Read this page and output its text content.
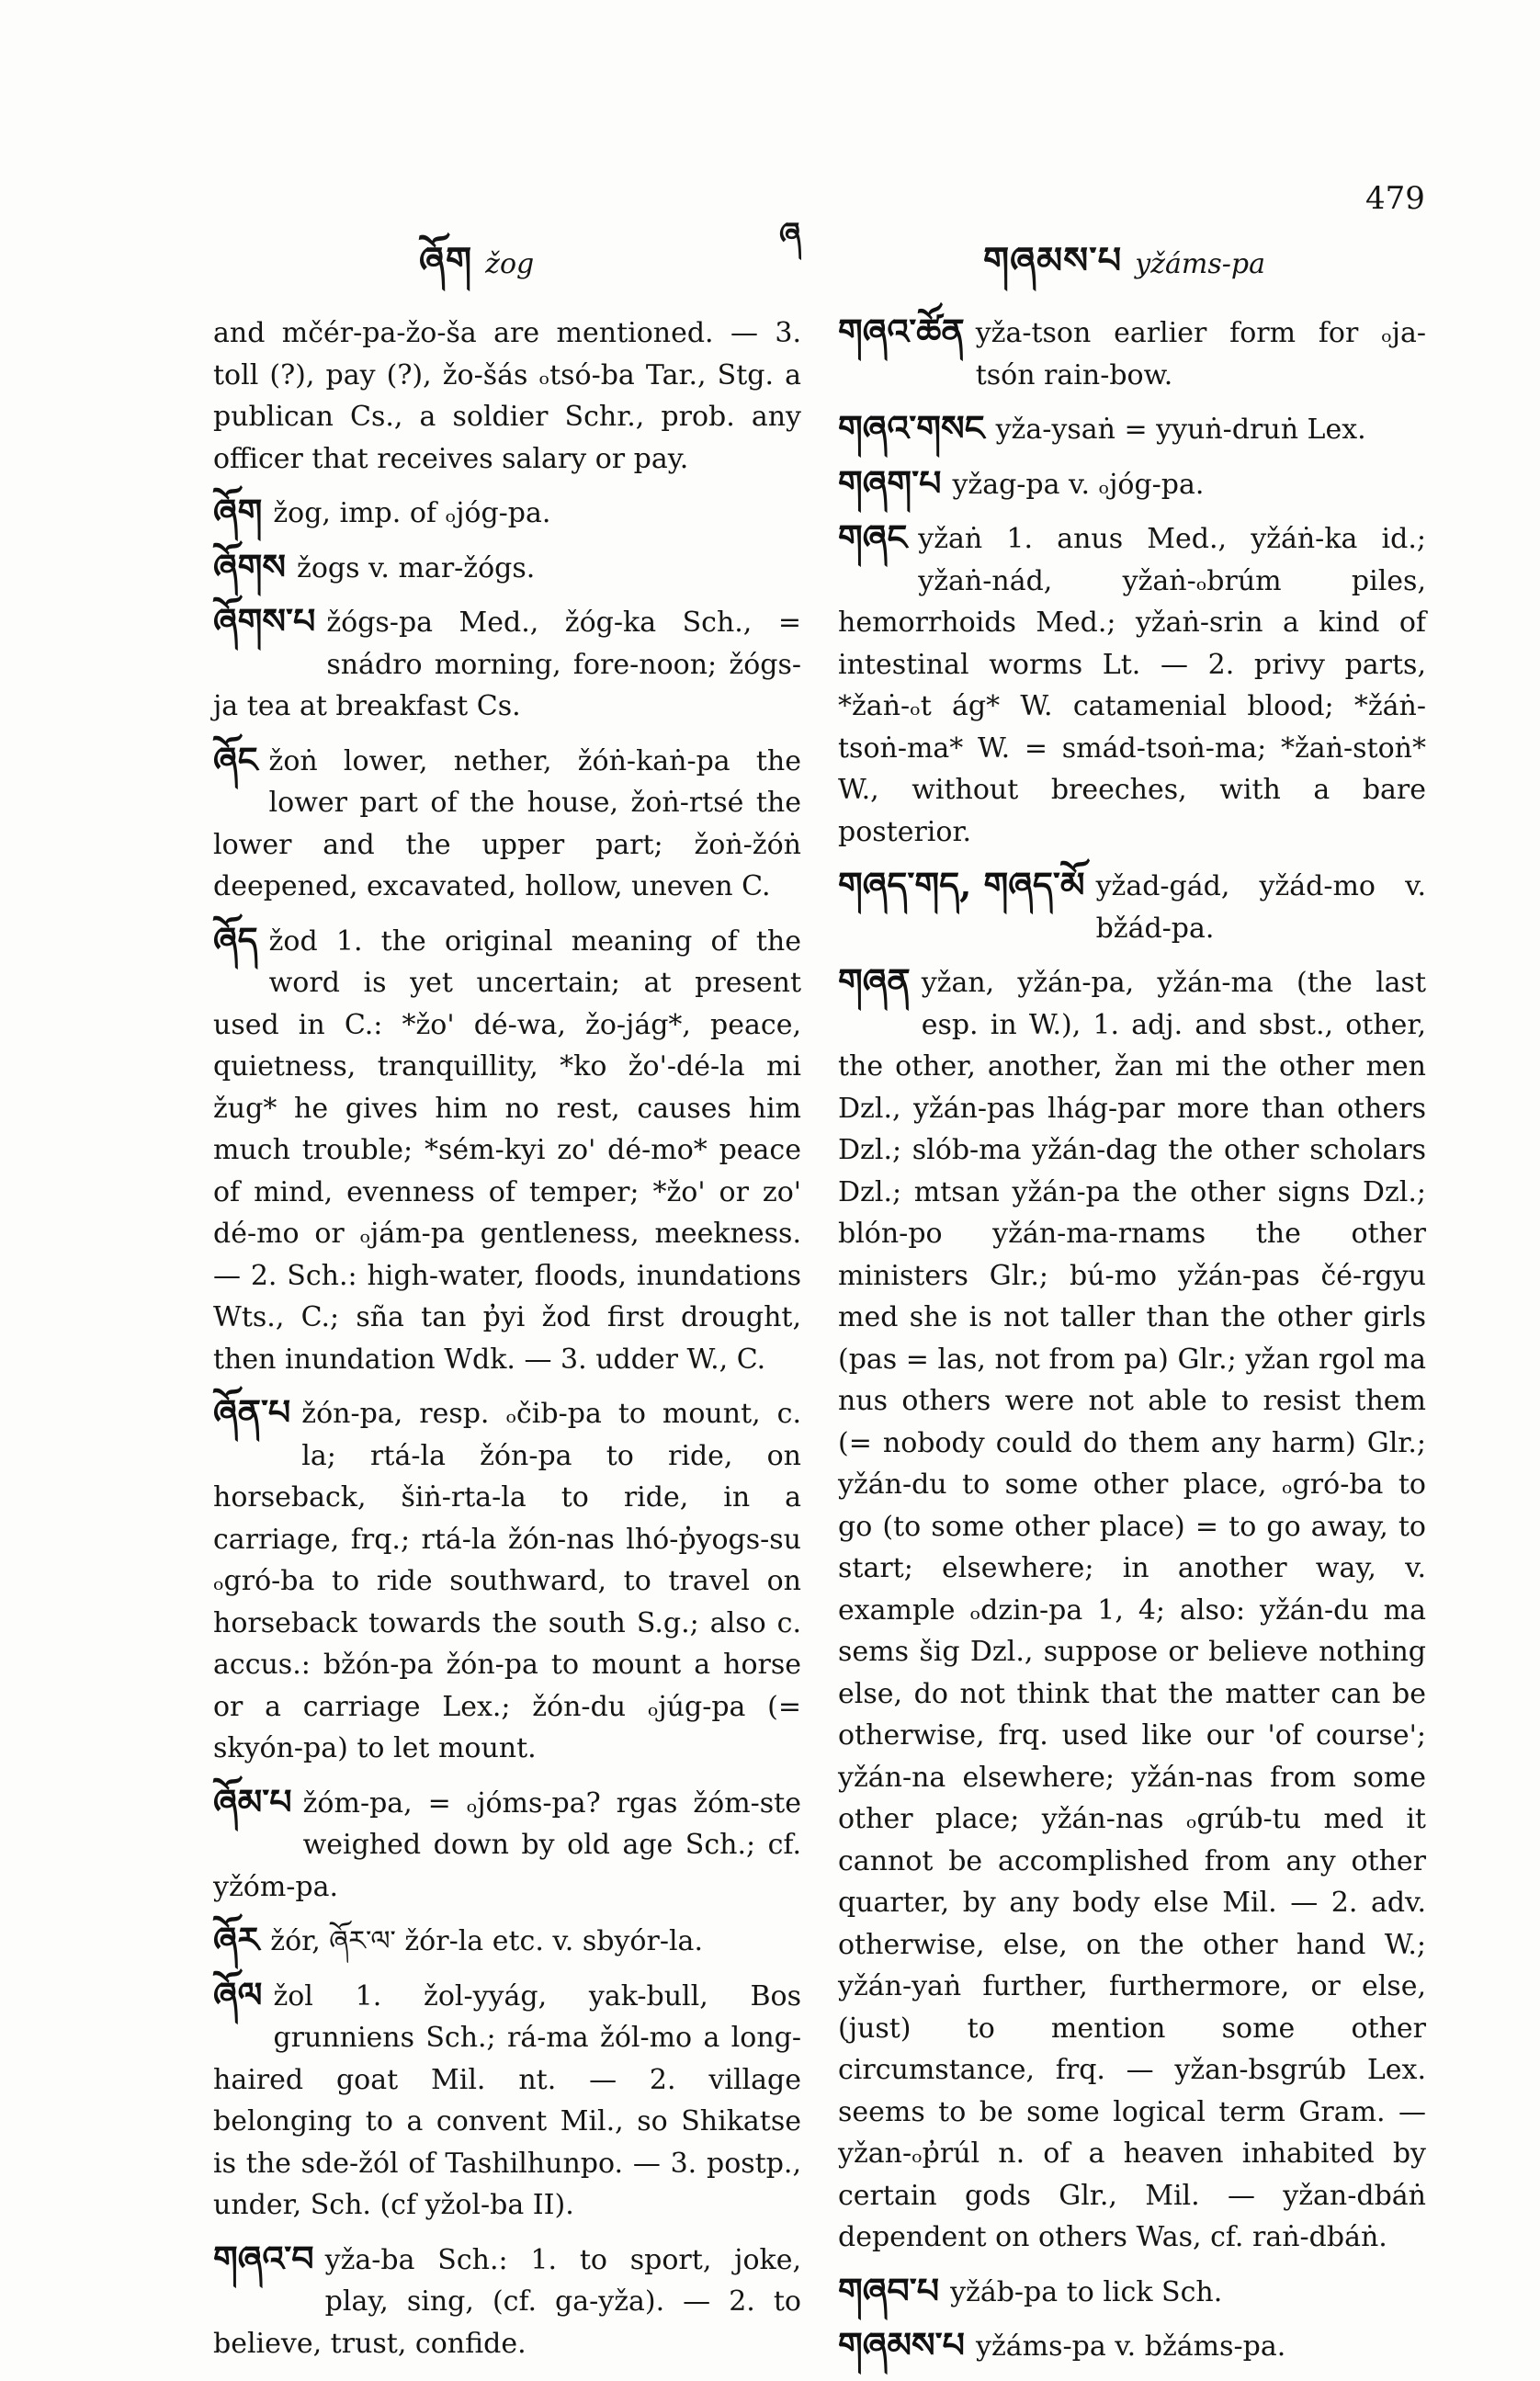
ཞོག žog
ཞ
གཞམས་པ yžáms-pa
479
and mčér-pa-žo-ša are mentioned. — 3. toll (?), pay (?), žo-šás ₒtsó-ba Tar., Stg. a publican Cs., a soldier Schr., prob. any officer that receives salary or pay.
ཞོག žog, imp. of ₒjóg-pa.
ཞོགས žogs v. mar-žógs.
ཞོགས་པ žógs-pa Med., žóg-ka Sch., = snádro morning, fore-noon; žógs-ja tea at breakfast Cs.
ཞོང žoṅ lower, nether, žóṅ-kaṅ-pa the lower part of the house, žoṅ-rtsé the lower and the upper part; žoṅ-žóṅ deepened, excavated, hollow, uneven C.
ཞོད žod 1. the original meaning of the word is yet uncertain; at present used in C.: *žo' dé-wa, žo-jág*, peace, quietness, tranquillity, *ko žo'-dé-la mi žug* he gives him no rest, causes him much trouble; *sém-kyi zo' dé-mo* peace of mind, evenness of temper; *žo' or zo' dé-mo or ₒjám-pa gentleness, meekness. — 2. Sch.: high-water, floods, inundations Wts., C.; sña tan p̓yi žod first drought, then inundation Wdk. — 3. udder W., C.
ཞོན་པ žón-pa, resp. ₒčib-pa to mount, c. la; rtá-la žón-pa to ride, on horseback, šiṅ-rta-la to ride, in a carriage, frq.; rtá-la žón-nas lhó-p̓yogs-su ₒgró-ba to ride southward, to travel on horseback towards the south S.g.; also c. accus.: bžón-pa žón-pa to mount a horse or a carriage Lex.; žón-du ₒjúg-pa (= skyón-pa) to let mount.
ཞོམ་པ žóm-pa, = ₒjóms-pa? rgas žóm-ste weighed down by old age Sch.; cf. yžóm-pa.
ཞོར žór, ཞོར་ལ་ žór-la etc. v. sbyór-la.
ཞོལ žol 1. žol-yyág, yak-bull, Bos grunniens Sch.; rá-ma žól-mo a long-haired goat Mil. nt. — 2. village belonging to a convent Mil., so Shikatse is the sde-žól of Tashilhunpo. — 3. postp., under, Sch. (cf yžol-ba II).
གཞའ་བ yža-ba Sch.: 1. to sport, joke, play, sing, (cf. ga-yža). — 2. to believe, trust, confide.
གཞའ་ཚོན yža-tson earlier form for ₒja-tsón rain-bow.
གཞའ་གསང yža-ysaṅ = yyuṅ-druṅ Lex.
གཞག་པ yžag-pa v. ₒjóg-pa.
གཞང yžaṅ 1. anus Med., yžáṅ-ka id.; yžaṅ-nád, yžaṅ-ₒbrúm piles, hemorrhoids Med.; yžaṅ-srin a kind of intestinal worms Lt. — 2. privy parts, *žaṅ-ₒt ág* W. catamenial blood; *žáṅ-tsoṅ-ma* W. = smád-tsoṅ-ma; *žaṅ-stoṅ* W., without breeches, with a bare posterior.
གཞད་གད, གཞད་མོ yžad-gád, yžád-mo v. bžád-pa.
གཞན yžan, yžán-pa, yžán-ma (the last esp. in W.), 1. adj. and sbst., other, the other, another, žan mi the other men Dzl., yžán-pas lhág-par more than others Dzl.; slób-ma yžán-dag the other scholars Dzl.; mtsan yžán-pa the other signs Dzl.; blón-po yžán-ma-rnams the other ministers Glr.; bú-mo yžán-pas čé-rgyu med she is not taller than the other girls (pas = las, not from pa) Glr.; yžan rgol ma nus others were not able to resist them (= nobody could do them any harm) Glr.; yžán-du to some other place, ₒgró-ba to go (to some other place) = to go away, to start; elsewhere; in another way, v. example ₒdzin-pa 1, 4; also: yžán-du ma sems šig Dzl., suppose or believe nothing else, do not think that the matter can be otherwise, frq. used like our 'of course'; yžán-na elsewhere; yžán-nas from some other place; yžán-nas ₒgrúb-tu med it cannot be accomplished from any other quarter, by any body else Mil. — 2. adv. otherwise, else, on the other hand W.; yžán-yaṅ further, furthermore, or else, (just) to mention some other circumstance, frq. — yžan-bsgrúb Lex. seems to be some logical term Gram. — yžan-ₒp̓rúl n. of a heaven inhabited by certain gods Glr., Mil. — yžan-dbáṅ dependent on others Was, cf. raṅ-dbáṅ.
གཞབ་པ yžáb-pa to lick Sch.
གཞམས་པ yžáms-pa v. bžáms-pa.
